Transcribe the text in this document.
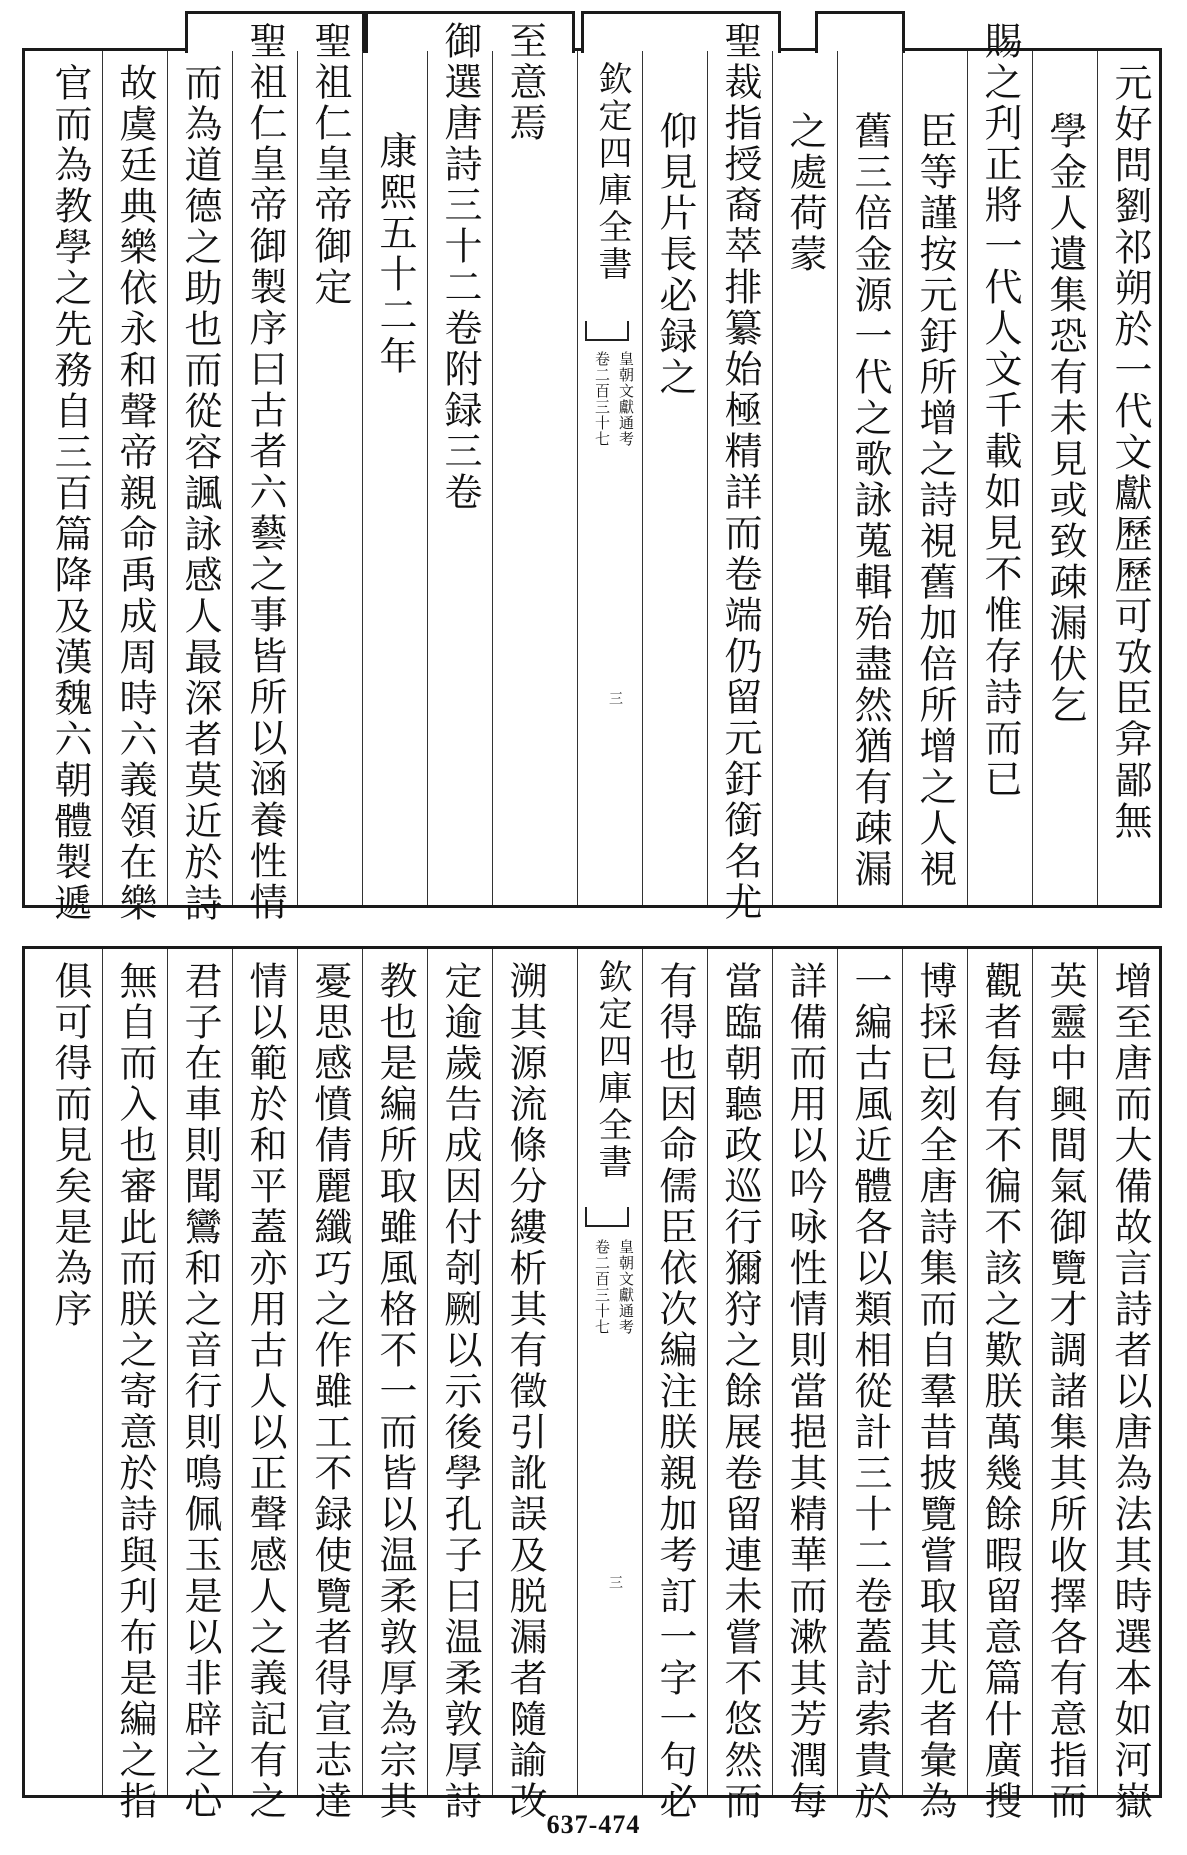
元好問劉祁朔於一代文獻歷歷可攷臣弇鄙無
學金人遺集恐有未見或致疎漏伏乞
賜之刋正將一代人文千載如見不惟存詩而已
臣等謹按元釪所增之詩視舊加倍所增之人視
舊三倍金源一代之歌詠蒐輯殆盡然猶有疎漏
之處荷蒙
聖裁指授裔萃排纂始極精詳而卷端仍留元釪銜名尤
仰見片長必録之
欽定四庫全書
皇朝文獻通考
卷二百三十七
三
至意焉
御選唐詩三十二卷附録三卷
康熙五十二年
聖祖仁皇帝御定
聖祖仁皇帝御製序曰古者六藝之事皆所以涵養性情
而為道德之助也而從容諷詠感人最深者莫近於詩
故虞廷典樂依永和聲帝親命禹成周時六義領在樂
官而為教學之先務自三百篇降及漢魏六朝體製遞
增至唐而大備故言詩者以唐為法其時選本如河嶽
英靈中興間氣御覽才調諸集其所收擇各有意指而
觀者每有不徧不該之歎朕萬幾餘暇留意篇什廣搜
博採已刻全唐詩集而自羣昔披覽嘗取其尤者彙為
一編古風近體各以類相從計三十二卷蓋討索貴於
詳備而用以吟咏性情則當挹其精華而漱其芳潤每
當臨朝聽政巡行獮狩之餘展卷留連未嘗不悠然而
有得也因命儒臣依次編注朕親加考訂一字一句必
欽定四庫全書
皇朝文獻通考
卷二百三十七
三
溯其源流條分縷析其有徵引訛誤及脱漏者隨諭改
定逾歲告成因付剞劂以示後學孔子曰温柔敦厚詩
教也是編所取雖風格不一而皆以温柔敦厚為宗其
憂思感憤倩麗纖巧之作雖工不録使覽者得宣志達
情以範於和平蓋亦用古人以正聲感人之義記有之
君子在車則聞鸞和之音行則鳴佩玉是以非辟之心
無自而入也審此而朕之寄意於詩與刋布是編之指
俱可得而見矣是為序
637-474
